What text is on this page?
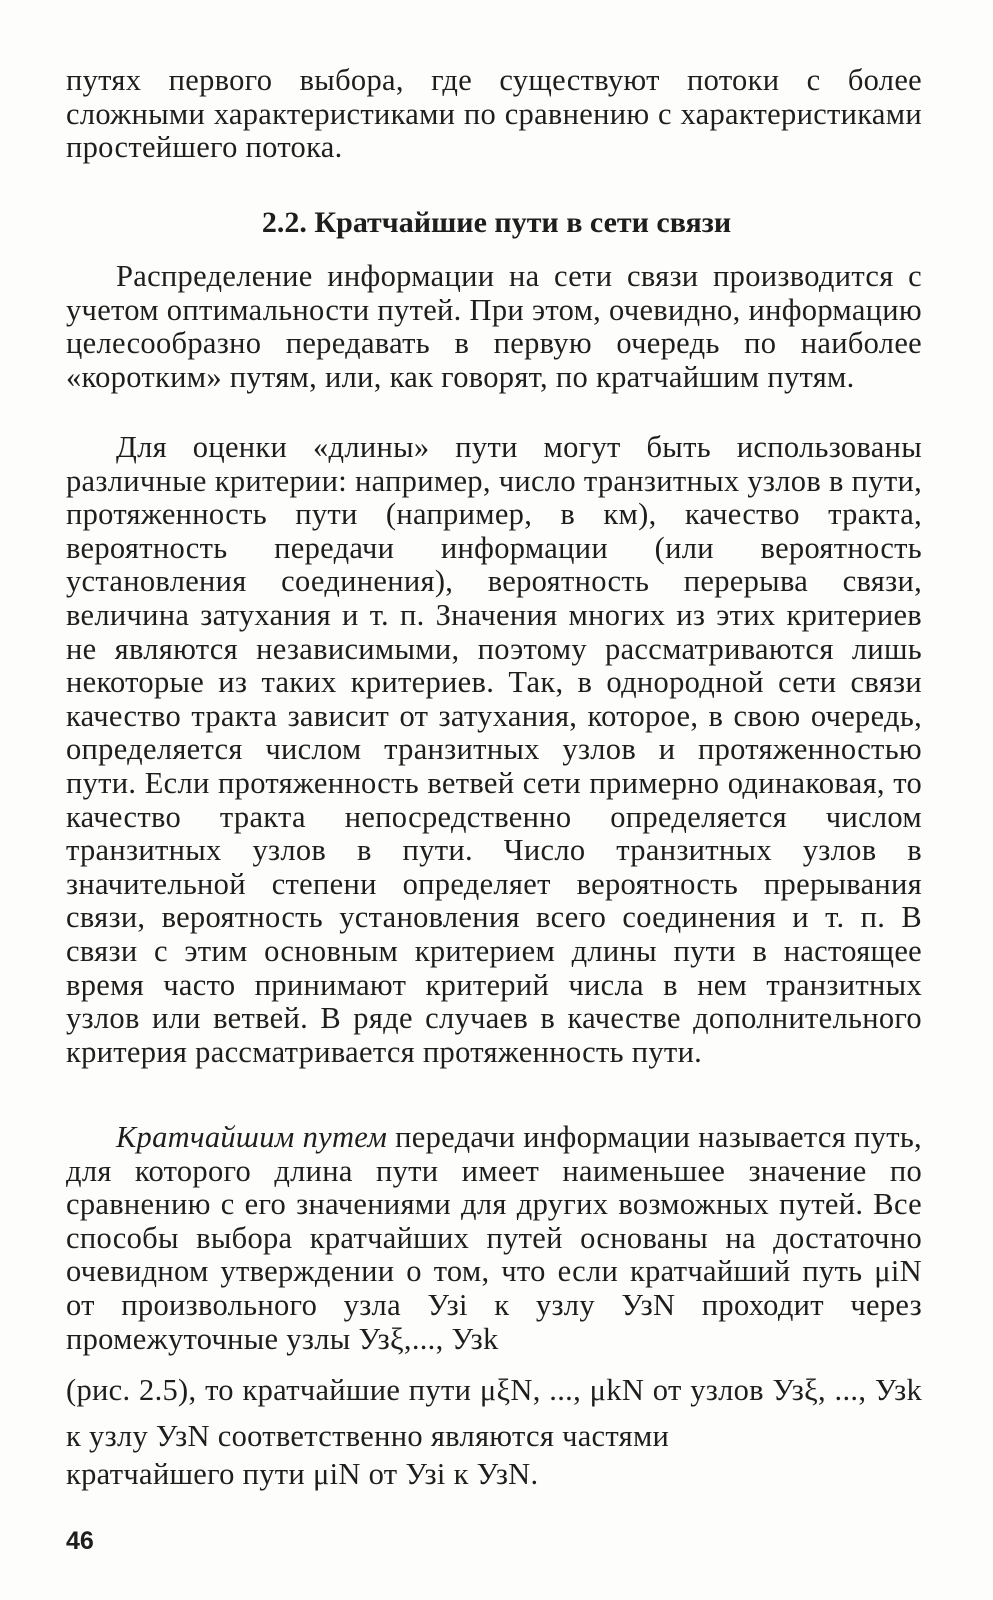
путях первого выбора, где существуют потоки с более сложными характеристиками по сравнению с характеристиками простейшего потока.

2.2. Кратчайшие пути в сети связи

Распределение информации на сети связи производится с учетом оптимальности путей. При этом, очевидно, информацию целесообразно передавать в первую очередь по наиболее «коротким» путям, или, как говорят, по кратчайшим путям.

Для оценки «длины» пути могут быть использованы различные критерии: например, число транзитных узлов в пути, протяженность пути (например, в км), качество тракта, вероятность передачи информации (или вероятность установления соединения), вероятность перерыва связи, величина затухания и т. п. Значения многих из этих критериев не являются независимыми, поэтому рассматриваются лишь некоторые из таких критериев. Так, в однородной сети связи качество тракта зависит от затухания, которое, в свою очередь, определяется числом транзитных узлов и протяженностью пути. Если протяженность ветвей сети примерно одинаковая, то качество тракта непосредственно определяется числом транзитных узлов в пути. Число транзитных узлов в значительной степени определяет вероятность прерывания связи, вероятность установления всего соединения и т. п. В связи с этим основным критерием длины пути в настоящее время часто принимают критерий числа в нем транзитных узлов или ветвей. В ряде случаев в качестве дополнительного критерия рассматривается протяженность пути.

Кратчайшим путем передачи информации называется путь, для которого длина пути имеет наименьшее значение по сравнению с его значениями для других возможных путей. Все способы выбора кратчайших путей основаны на достаточно очевидном утверждении о том, что если кратчайший путь μiN от произвольного узла Узi к узлу УзN проходит через промежуточные узлы Узξ,..., Узk

(рис. 2.5), то кратчайшие пути μξN, ..., μkN от узлов Узξ, ..., Узk к узлу УзN соответственно являются частями

кратчайшего пути μiN от Узi к УзN.

46
